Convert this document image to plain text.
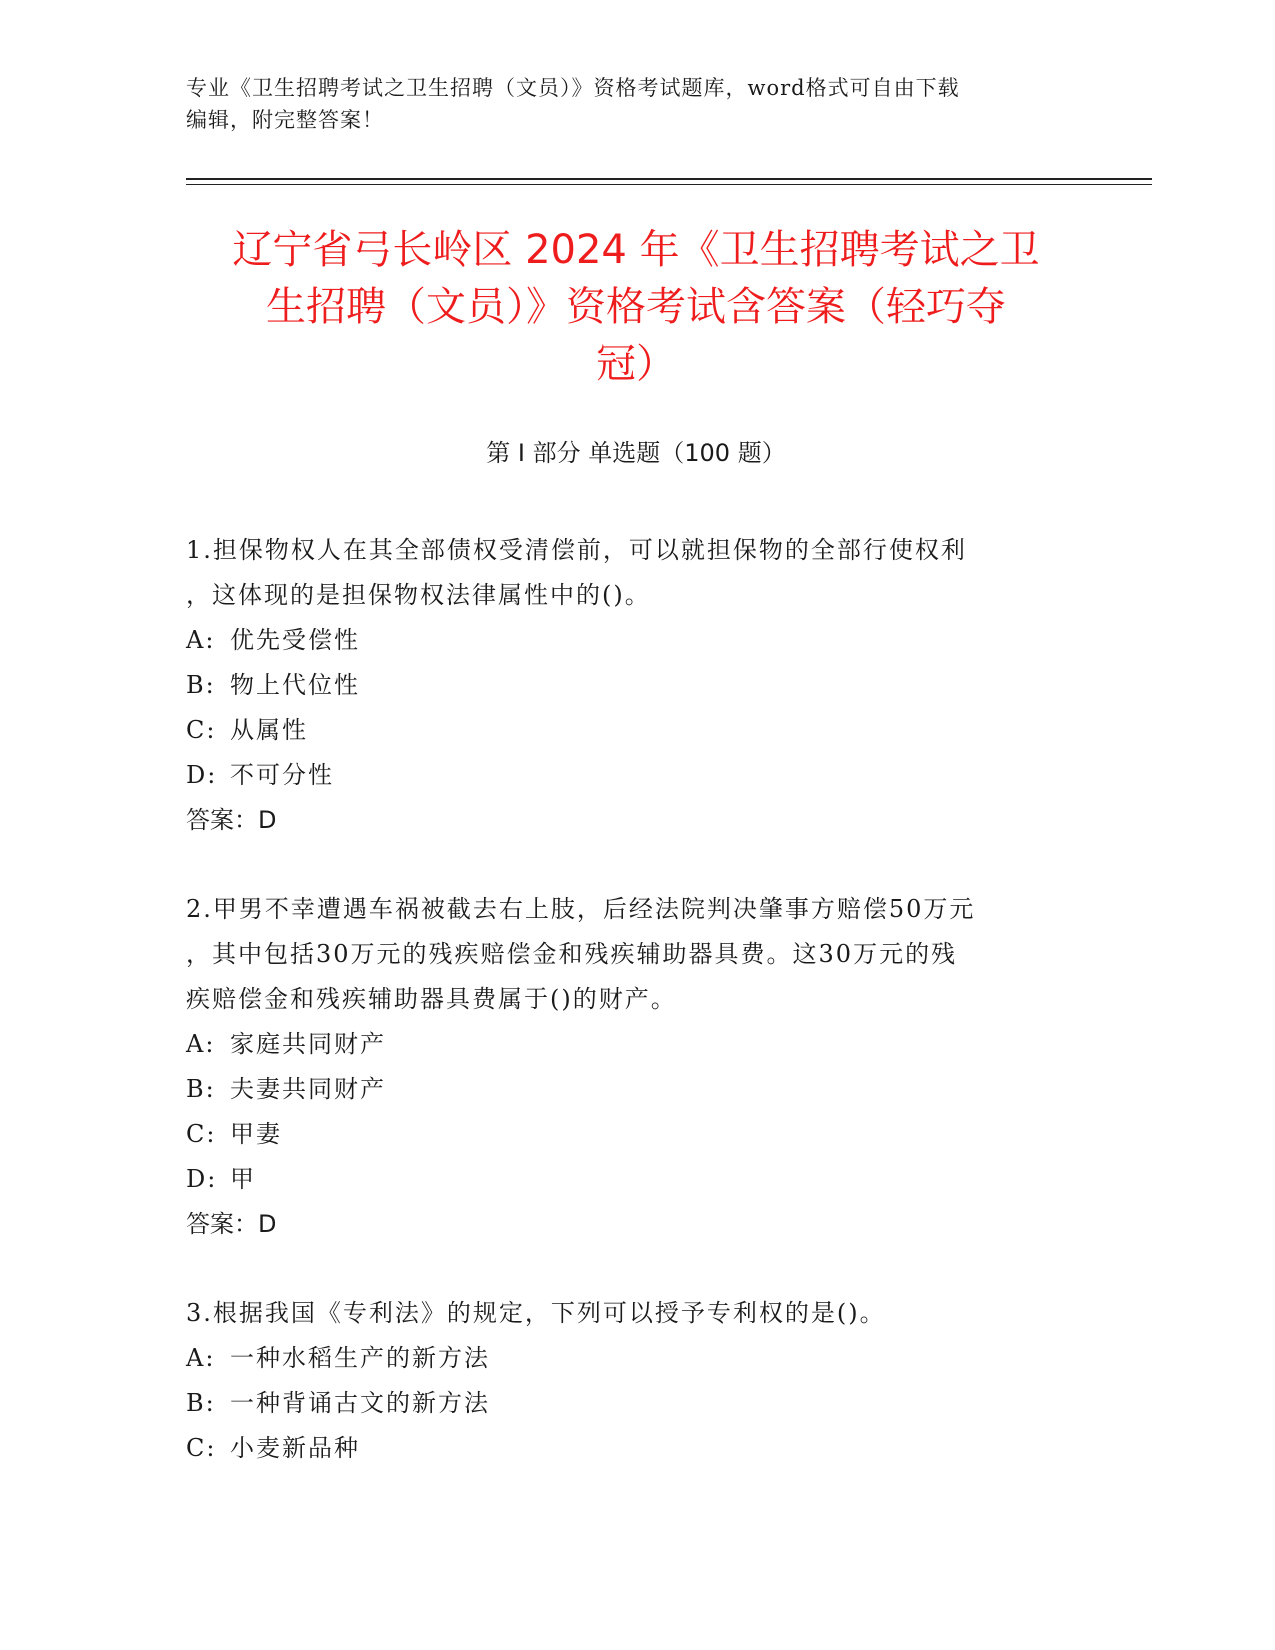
专业《卫生招聘考试之卫生招聘（文员）》资格考试题库，word格式可自由下载
编辑，附完整答案！
辽宁省弓长岭区 2024 年《卫生招聘考试之卫
生招聘（文员）》资格考试含答案（轻巧夺
冠）
第 I 部分 单选题（100 题）
1.担保物权人在其全部债权受清偿前，可以就担保物的全部行使权利
，这体现的是担保物权法律属性中的()。
A: 优先受偿性
B: 物上代位性
C: 从属性
D: 不可分性
答案：D
2.甲男不幸遭遇车祸被截去右上肢，后经法院判决肇事方赔偿50万元
，其中包括30万元的残疾赔偿金和残疾辅助器具费。这30万元的残
疾赔偿金和残疾辅助器具费属于()的财产。
A: 家庭共同财产
B: 夫妻共同财产
C: 甲妻
D: 甲
答案：D
3.根据我国《专利法》的规定，下列可以授予专利权的是()。
A: 一种水稻生产的新方法
B: 一种背诵古文的新方法
C: 小麦新品种
